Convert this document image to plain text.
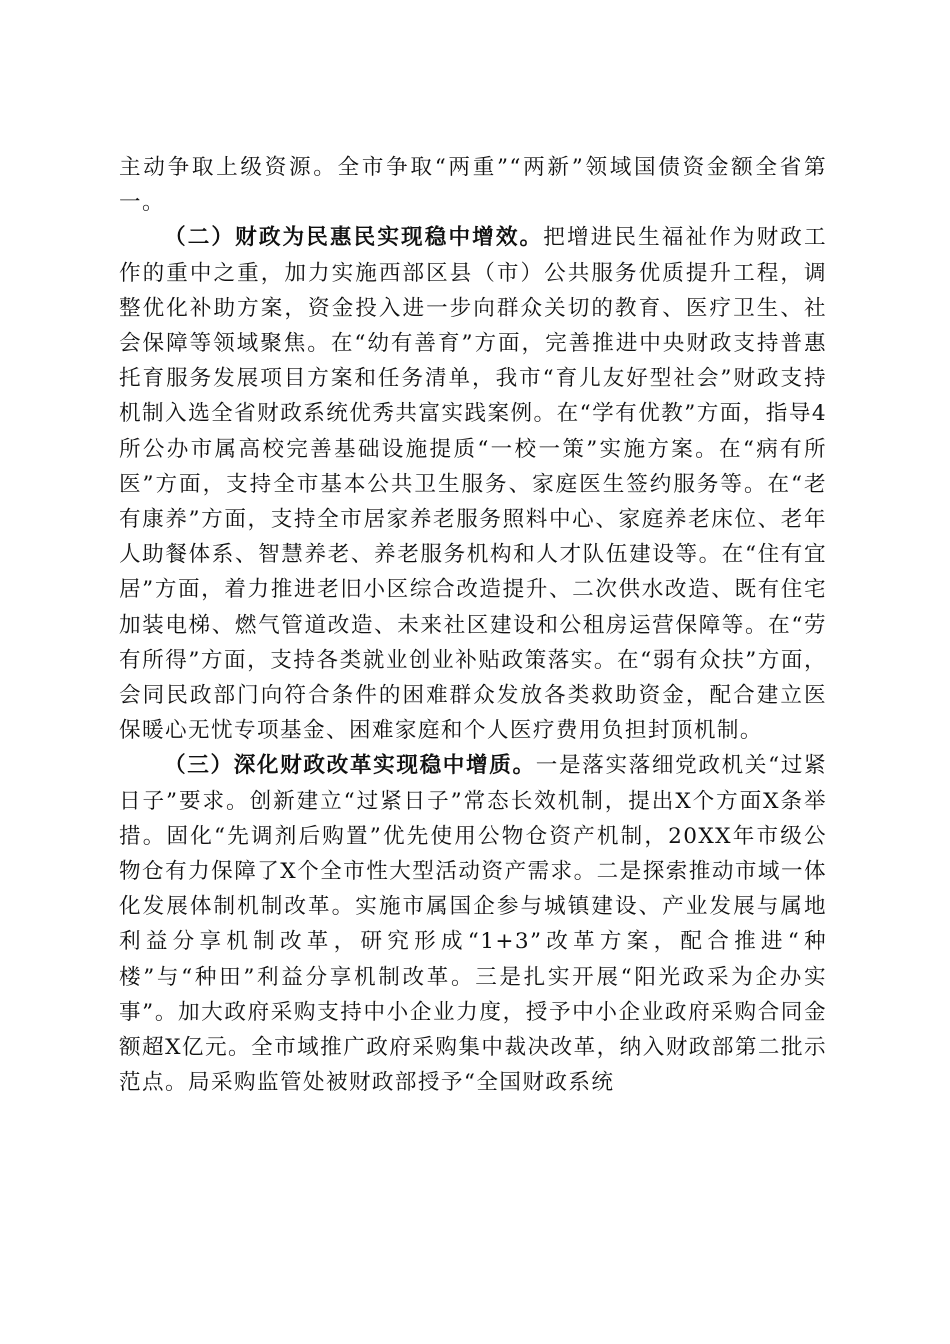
主动争取上级资源。全市争取“两重”“两新”领域国债资金额全省第一。

（二）财政为民惠民实现稳中增效。把增进民生福祉作为财政工作的重中之重，加力实施西部区县（市）公共服务优质提升工程，调整优化补助方案，资金投入进一步向群众关切的教育、医疗卫生、社会保障等领域聚焦。在“幼有善育”方面，完善推进中央财政支持普惠托育服务发展项目方案和任务清单，我市“育儿友好型社会”财政支持机制入选全省财政系统优秀共富实践案例。在“学有优教”方面，指导4所公办市属高校完善基础设施提质“一校一策”实施方案。在“病有所医”方面，支持全市基本公共卫生服务、家庭医生签约服务等。在“老有康养”方面，支持全市居家养老服务照料中心、家庭养老床位、老年人助餐体系、智慧养老、养老服务机构和人才队伍建设等。在“住有宜居”方面，着力推进老旧小区综合改造提升、二次供水改造、既有住宅加装电梯、燃气管道改造、未来社区建设和公租房运营保障等。在“劳有所得”方面，支持各类就业创业补贴政策落实。在“弱有众扶”方面，会同民政部门向符合条件的困难群众发放各类救助资金，配合建立医保暖心无忧专项基金、困难家庭和个人医疗费用负担封顶机制。

（三）深化财政改革实现稳中增质。一是落实落细党政机关“过紧日子”要求。创新建立“过紧日子”常态长效机制，提出X个方面X条举措。固化“先调剂后购置”优先使用公物仓资产机制，20XX年市级公物仓有力保障了X个全市性大型活动资产需求。二是探索推动市域一体化发展体制机制改革。实施市属国企参与城镇建设、产业发展与属地利益分享机制改革，研究形成“1+3”改革方案，配合推进“种楼”与“种田”利益分享机制改革。三是扎实开展“阳光政采为企办实事”。加大政府采购支持中小企业力度，授予中小企业政府采购合同金额超X亿元。全市域推广政府采购集中裁决改革，纳入财政部第二批示范点。局采购监管处被财政部授予“全国财政系统
